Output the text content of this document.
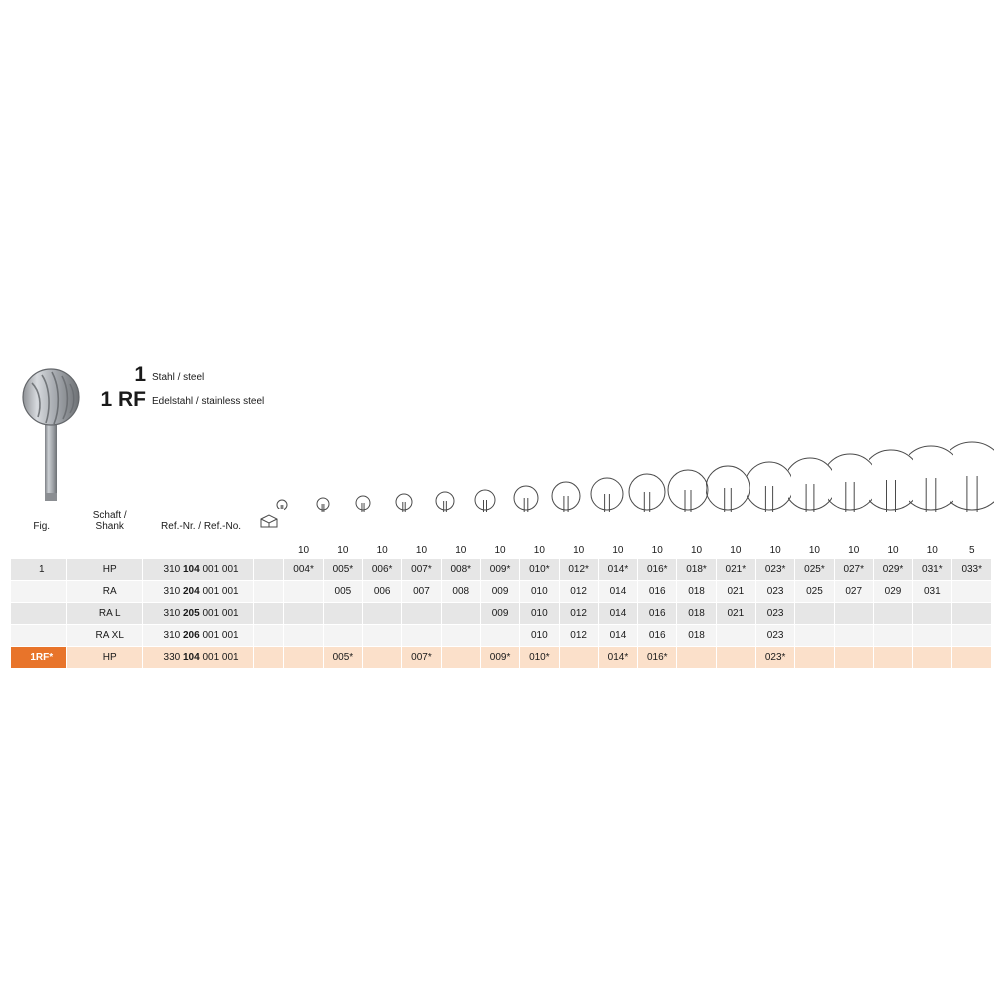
1
1 RF
Stahl / steel
Edelstahl / stainless steel
Fig.	Schaft / Shank	Ref.-Nr. / Ref.-No.	
				10	10	10	10	10	10	10	10	10	10	10	10	10	10	10	10	10	5
1	HP	310 104 001 001		004*	005*	006*	007*	008*	009*	010*	012*	014*	016*	018*	021*	023*	025*	027*	029*	031*	033*
	RA	310 204 001 001			005	006	007	008	009	010	012	014	016	018	021	023	025	027	029	031	
	RA L	310 205 001 001							009	010	012	014	016	018	021	023					
	RA XL	310 206 001 001								010	012	014	016	018		023					
1RF*	HP	330 104 001 001			005*		007*		009*	010*		014*	016*			023*					
